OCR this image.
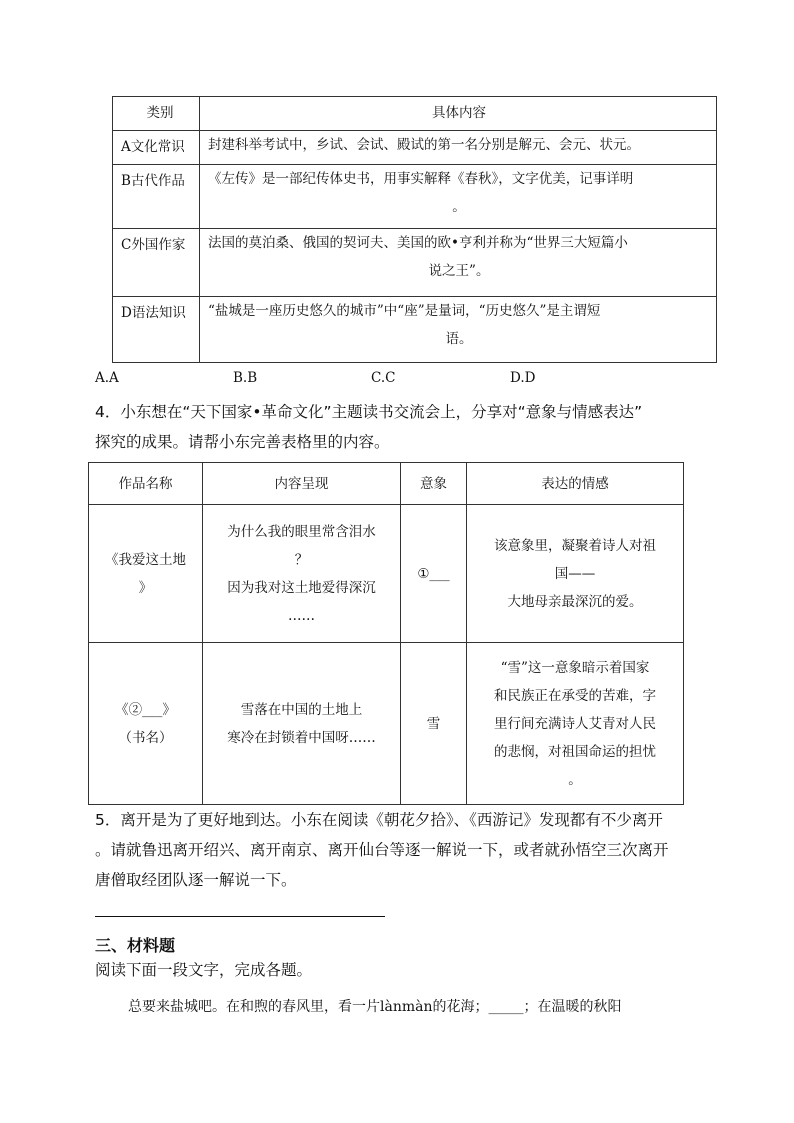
类别	具体内容
A文化常识	封建科举考试中，乡试、会试、殿试的第一名分别是解元、会元、状元。

B古代作品	《左传》是一部纪传体史书，用事实解释《春秋》，文字优美，记事详明
。

C外国作家	法国的莫泊桑、俄国的契诃夫、美国的欧•亨利并称为“世界三大短篇小
说之王”。

D语法知识	“盐城是一座历史悠久的城市”中“座”是量词，“历史悠久”是主谓短
语。
A.A	B.B	C.C	D.D
4．小东想在“天下国家•革命文化”主题读书交流会上，分享对“意象与情感表达”
探究的成果。请帮小东完善表格里的内容。
作品名称	内容呈现	意象	表达的情感

《我爱这土地
》	为什么我的眼里常含泪水
？
因为我对这土地爱得深沉
……	①___	该意象里，凝聚着诗人对祖
国——
大地母亲最深沉的爱。

《②___》
（书名）	雪落在中国的土地上
寒冷在封锁着中国呀……	雪	“雪”这一意象暗示着国家
和民族正在承受的苦难，字
里行间充满诗人艾青对人民
的悲悯，对祖国命运的担忧
。
5．离开是为了更好地到达。小东在阅读《朝花夕拾》、《西游记》发现都有不少离开
。请就鲁迅离开绍兴、离开南京、离开仙台等逐一解说一下，或者就孙悟空三次离开
唐僧取经团队逐一解说一下。
三、材料题
阅读下面一段文字，完成各题。
总要来盐城吧。在和煦的春风里，看一片lànmàn的花海；_____；在温暖的秋阳
